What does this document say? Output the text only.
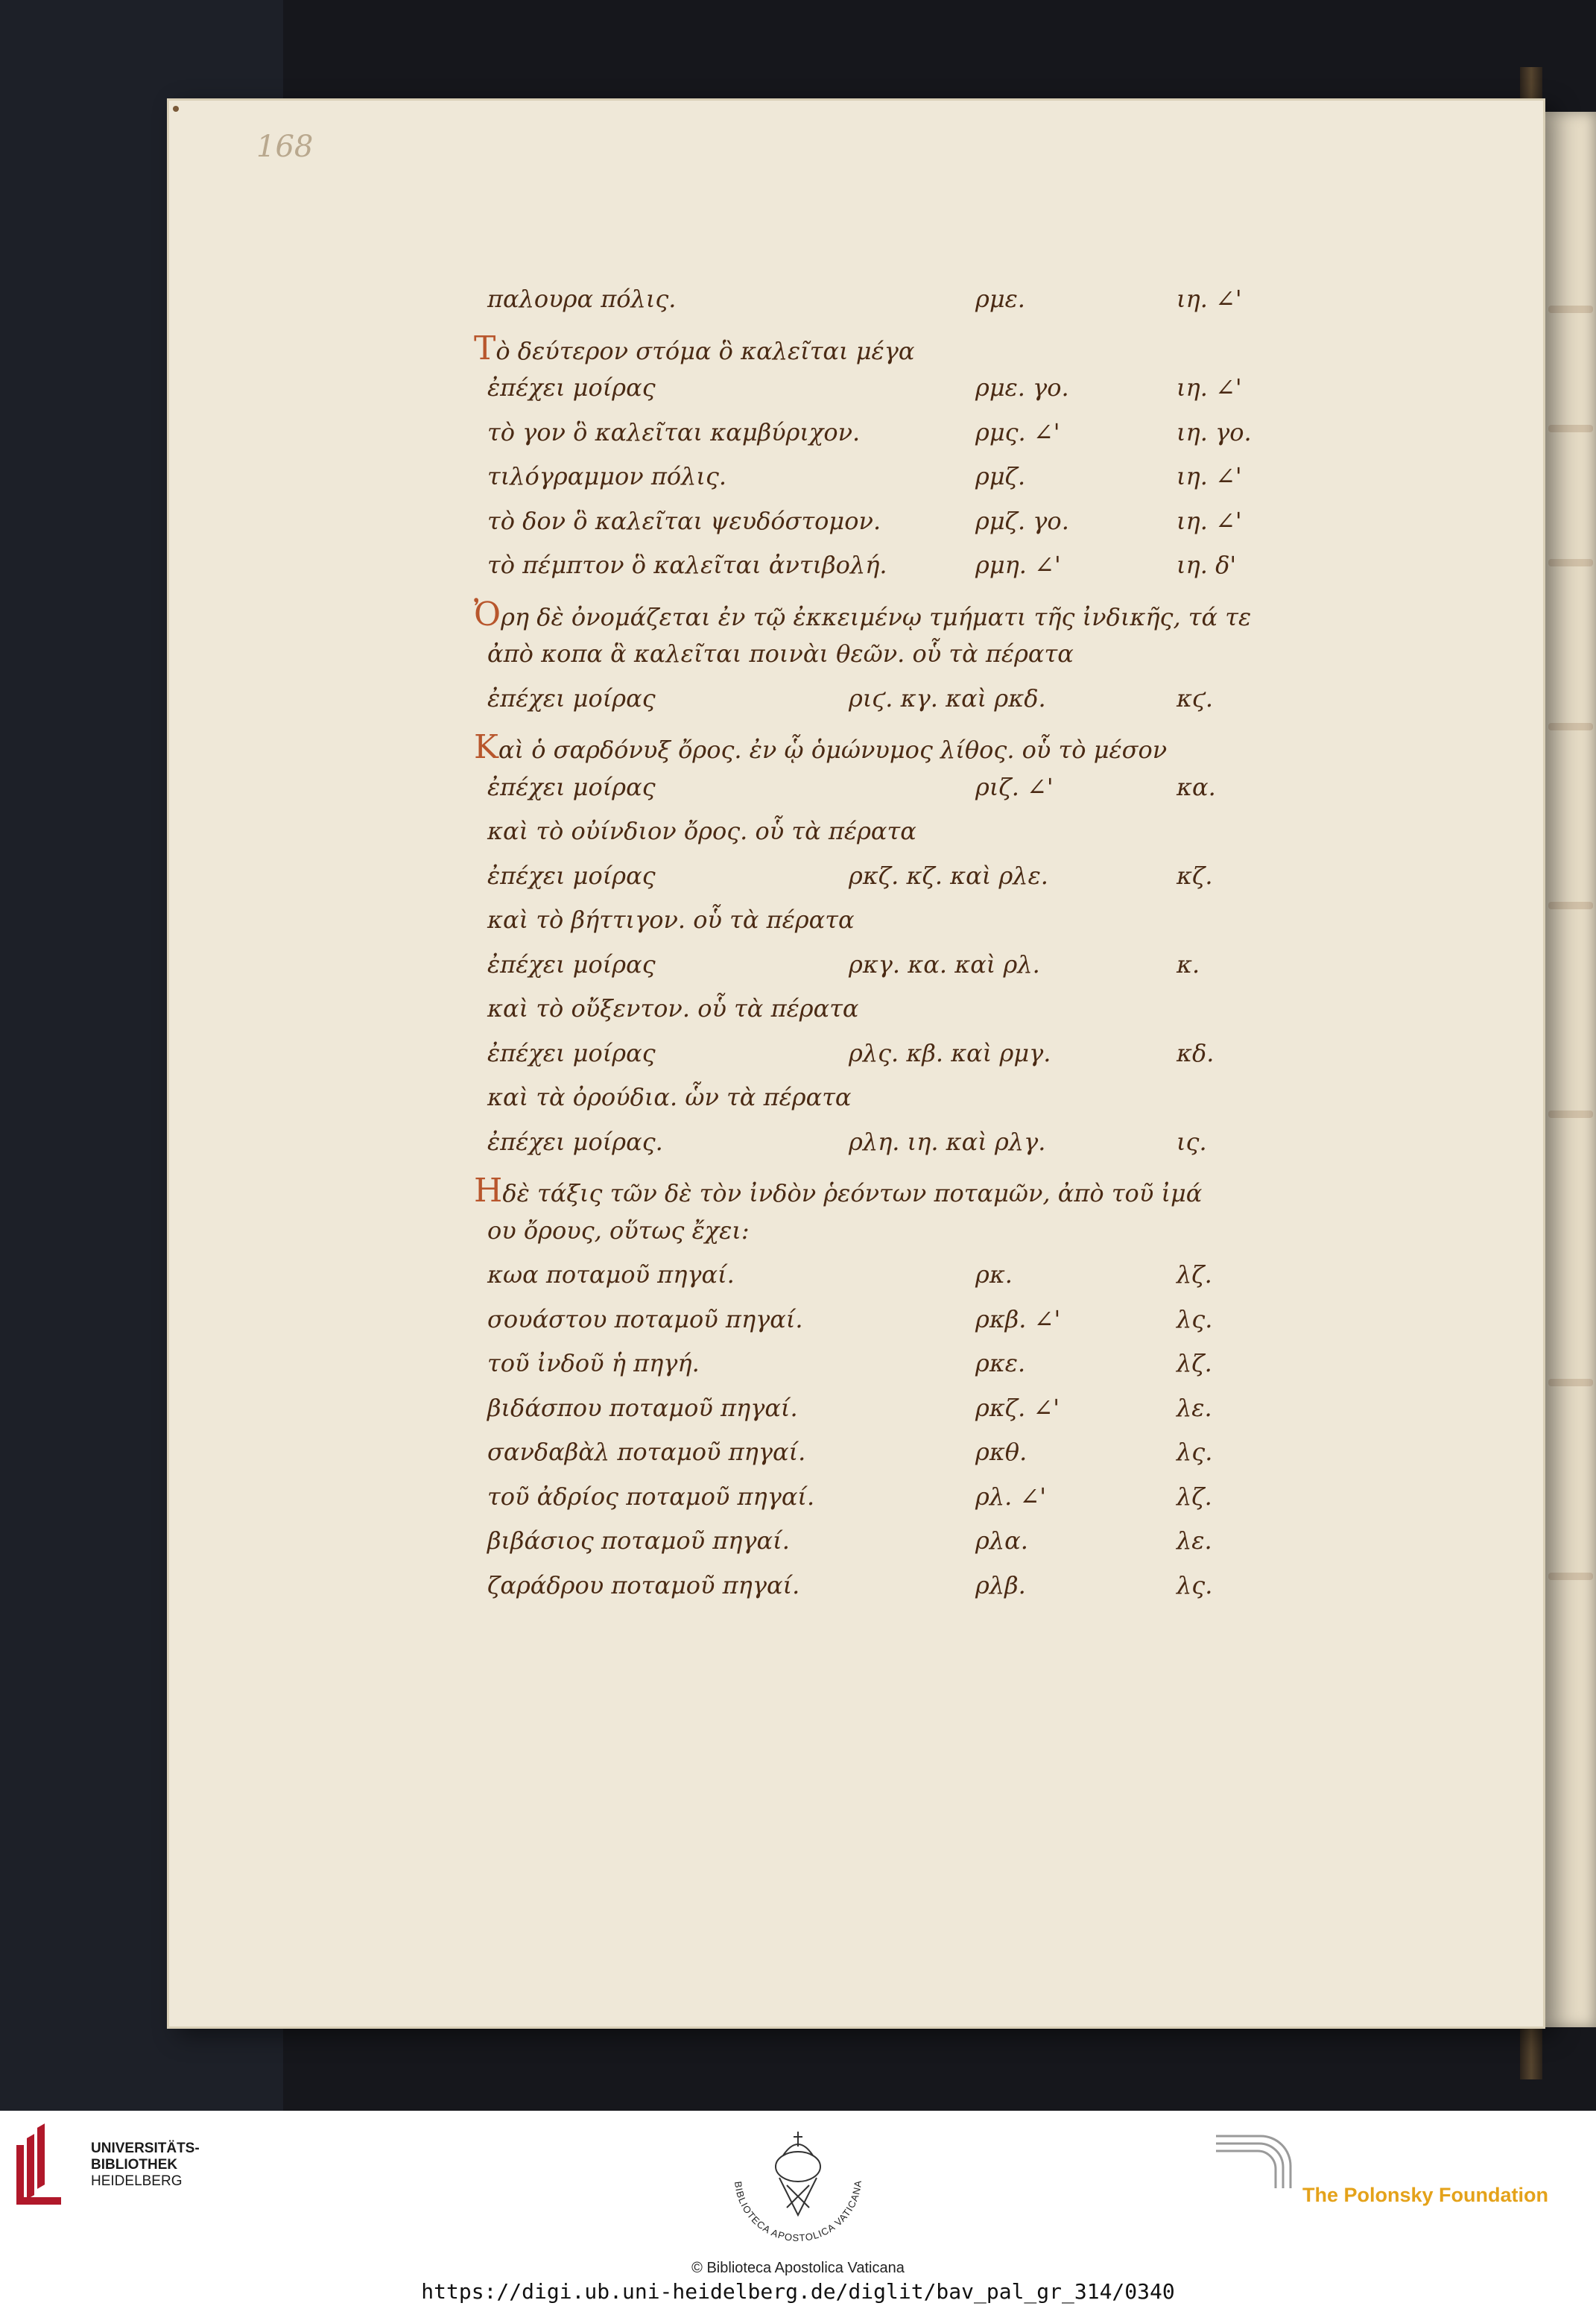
168
παλουρα πόλις.	ρμε.	ιη. ∠'
Τὸ δεύτερον στόμα ὃ καλεῖται μέγα
ἐπέχει μοίρας	ρμε. γο.	ιη. ∠'
τὸ γον ὃ καλεῖται καμβύριχον.	ρμς. ∠'	ιη. γο.
τιλόγραμμον πόλις.	ρμζ.	ιη. ∠'
τὸ δον ὃ καλεῖται ψευδόστομον.	ρμζ. γο.	ιη. ∠'
τὸ πέμπτον ὃ καλεῖται ἀντιβολή.	ρμη. ∠'	ιη. δ'
Ὀρη δὲ ὀνομάζεται ἐν τῷ ἐκκειμένῳ τμήματι τῆς ἰνδικῆς, τά τε
ἀπὸ κοπα ἃ καλεῖται ποινὰι θεῶν. οὗ τὰ πέρατα
ἐπέχει μοίρας	ριϛ. κγ. καὶ ρκδ.	κϛ.
Καὶ ὁ σαρδόνυξ ὄρος. ἐν ᾧ ὁμώνυμος λίθος. οὗ τὸ μέσον
ἐπέχει μοίρας	ριζ. ∠'	κα.
καὶ τὸ οὐίνδιον ὄρος. οὗ τὰ πέρατα
ἐπέχει μοίρας	ρκζ. κζ. καὶ ρλε.	κζ.
καὶ τὸ βήττιγον. οὗ τὰ πέρατα
ἐπέχει μοίρας	ρκγ. κα. καὶ ρλ.	κ.
καὶ τὸ οὔξεντον. οὗ τὰ πέρατα
ἐπέχει μοίρας	ρλς. κβ. καὶ ρμγ.	κδ.
καὶ τὰ ὀρούδια. ὧν τὰ πέρατα
ἐπέχει μοίρας.	ρλη. ιη. καὶ ρλγ.	ις.
Ηδὲ τάξις τῶν δὲ τὸν ἰνδὸν ῥεόντων ποταμῶν, ἀπὸ τοῦ ἰμά
ου ὄρους, οὕτως ἔχει:
κωα ποταμοῦ πηγαί.	ρκ.	λζ.
σουάστου ποταμοῦ πηγαί.	ρκβ. ∠'	λς.
τοῦ ἰνδοῦ ἡ πηγή.	ρκε.	λζ.
βιδάσπου ποταμοῦ πηγαί.	ρκζ. ∠'	λε.
σανδαβὰλ ποταμοῦ πηγαί.	ρκθ.	λς.
τοῦ ἀδρίος ποταμοῦ πηγαί.	ρλ. ∠'	λζ.
βιβάσιος ποταμοῦ πηγαί.	ρλα.	λε.
ζαράδρου ποταμοῦ πηγαί.	ρλβ.	λς.
UNIVERSITÄTS-
BIBLIOTHEK
HEIDELBERG	BIBLIOTECA APOSTOLICA VATICANA
© Biblioteca Apostolica Vaticana
https://digi.ub.uni-heidelberg.de/diglit/bav_pal_gr_314/0340
The Polonsky Foundation
